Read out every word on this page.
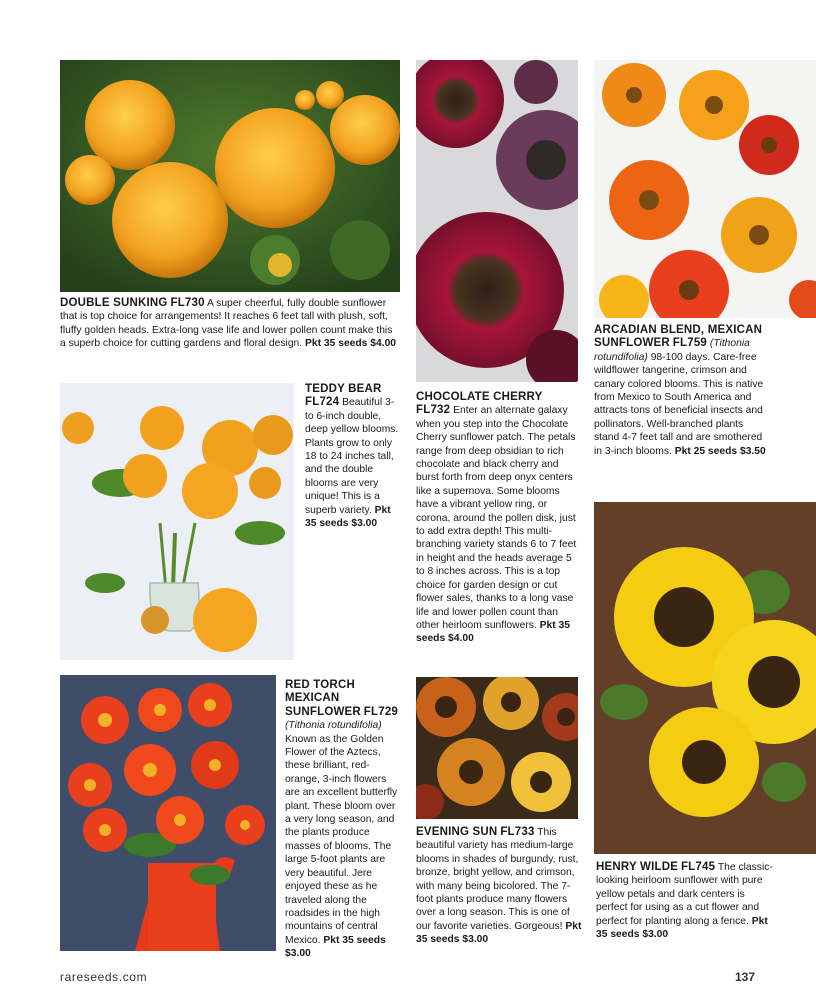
DOUBLE SUNKING FL730 A super cheerful, fully double sunflower that is top choice for arrangements! It reaches 6 feet tall with plush, soft, fluffy golden heads. Extra-long vase life and lower pollen count make this a superb choice for cutting gardens and floral design. Pkt 35 seeds $4.00
TEDDY BEAR FL724 Beautiful 3- to 6-inch double, deep yellow blooms. Plants grow to only 18 to 24 inches tall, and the double blooms are very unique! This is a superb variety. Pkt 35 seeds $3.00
CHOCOLATE CHERRY FL732 Enter an alternate galaxy when you step into the Chocolate Cherry sunflower patch. The petals range from deep obsidian to rich chocolate and black cherry and burst forth from deep onyx centers like a supernova. Some blooms have a vibrant yellow ring, or corona, around the pollen disk, just to add extra depth! This multi-branching variety stands 6 to 7 feet in height and the heads average 5 to 8 inches across. This is a top choice for garden design or cut flower sales, thanks to a long vase life and lower pollen count than other heirloom sunflowers. Pkt 35 seeds $4.00
ARCADIAN BLEND, MEXICAN SUNFLOWER FL759 (Tithonia rotundifolia) 98-100 days. Care-free wildflower tangerine, crimson and canary colored blooms. This is native from Mexico to South America and attracts tons of beneficial insects and pollinators. Well-branched plants stand 4-7 feet tall and are smothered in 3-inch blooms. Pkt 25 seeds $3.50
RED TORCH MEXICAN SUNFLOWER FL729 (Tithonia rotundifolia) Known as the Golden Flower of the Aztecs, these brilliant, red-orange, 3-inch flowers are an excellent butterfly plant. These bloom over a very long season, and the plants produce masses of blooms. The large 5-foot plants are very beautiful. Jere enjoyed these as he traveled along the roadsides in the high mountains of central Mexico. Pkt 35 seeds $3.00
EVENING SUN FL733 This beautiful variety has medium-large blooms in shades of burgundy, rust, bronze, bright yellow, and crimson, with many being bicolored. The 7-foot plants produce many flowers over a long season. This is one of our favorite varieties. Gorgeous! Pkt 35 seeds $3.00
HENRY WILDE FL745 The classic-looking heirloom sunflower with pure yellow petals and dark centers is perfect for using as a cut flower and perfect for planting along a fence. Pkt 35 seeds $3.00
rareseeds.com	137
